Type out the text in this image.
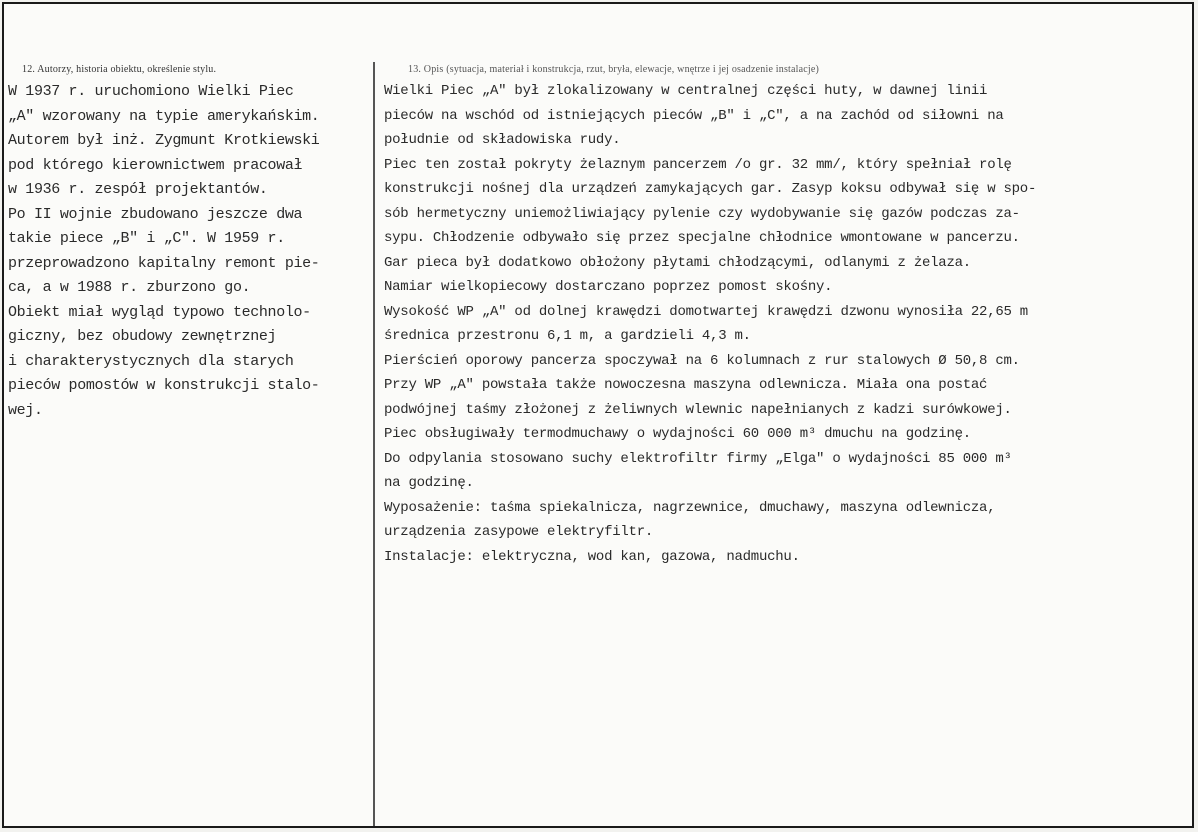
12. Autorzy, historia obiektu, określenie stylu.	13. Opis (sytuacja, materiał i konstrukcja, rzut, bryła, elewacje, wnętrze i jej osadzenie instalacje)
W 1937 r. uruchomiono Wielki Piec
„A" wzorowany na typie amerykańskim.
Autorem był inż. Zygmunt Krotkiewski
pod którego kierownictwem pracował
w 1936 r. zespół projektantów.
Po II wojnie zbudowano jeszcze dwa
takie piece „B" i „C". W 1959 r.
przeprowadzono kapitalny remont pie-
ca, a w 1988 r. zburzono go.
Obiekt miał wygląd typowo technolo-
giczny, bez obudowy zewnętrznej
i charakterystycznych dla starych
pieców pomostów w konstrukcji stalo-
wej.
Wielki Piec „A" był zlokalizowany w centralnej części huty, w dawnej linii
pieców na wschód od istniejących pieców „B" i „C", a na zachód od siłowni na
południe od składowiska rudy.
Piec ten został pokryty żelaznym pancerzem /o gr. 32 mm/, który spełniał rolę
konstrukcji nośnej dla urządzeń zamykających gar. Zasyp koksu odbywał się w spo-
sób hermetyczny uniemożliwiający pylenie czy wydobywanie się gazów podczas za-
sypu. Chłodzenie odbywało się przez specjalne chłodnice wmontowane w pancerzu.
Gar pieca był dodatkowo obłożony płytami chłodzącymi, odlanymi z żelaza.
Namiar wielkopiecowy dostarczano poprzez pomost skośny.
Wysokość WP „A" od dolnej krawędzi domotwartej krawędzi dzwonu wynosiła 22,65 m
średnica przestronu 6,1 m, a gardzieli 4,3 m.
Pierścień oporowy pancerza spoczywał na 6 kolumnach z rur stalowych Ø 50,8 cm.
Przy WP „A" powstała także nowoczesna maszyna odlewnicza. Miała ona postać
podwójnej taśmy złożonej z żeliwnych wlewnic napełnianych z kadzi surówkowej.
Piec obsługiwały termodmuchawy o wydajności 60 000 m³ dmuchu na godzinę.
Do odpylania stosowano suchy elektrofiltr firmy „Elga" o wydajności 85 000 m³
na godzinę.
Wyposażenie: taśma spiekalnicza, nagrzewnice, dmuchawy, maszyna odlewnicza,
urządzenia zasypowe elektryfiltr.
Instalacje: elektryczna, wod kan, gazowa, nadmuchu.
